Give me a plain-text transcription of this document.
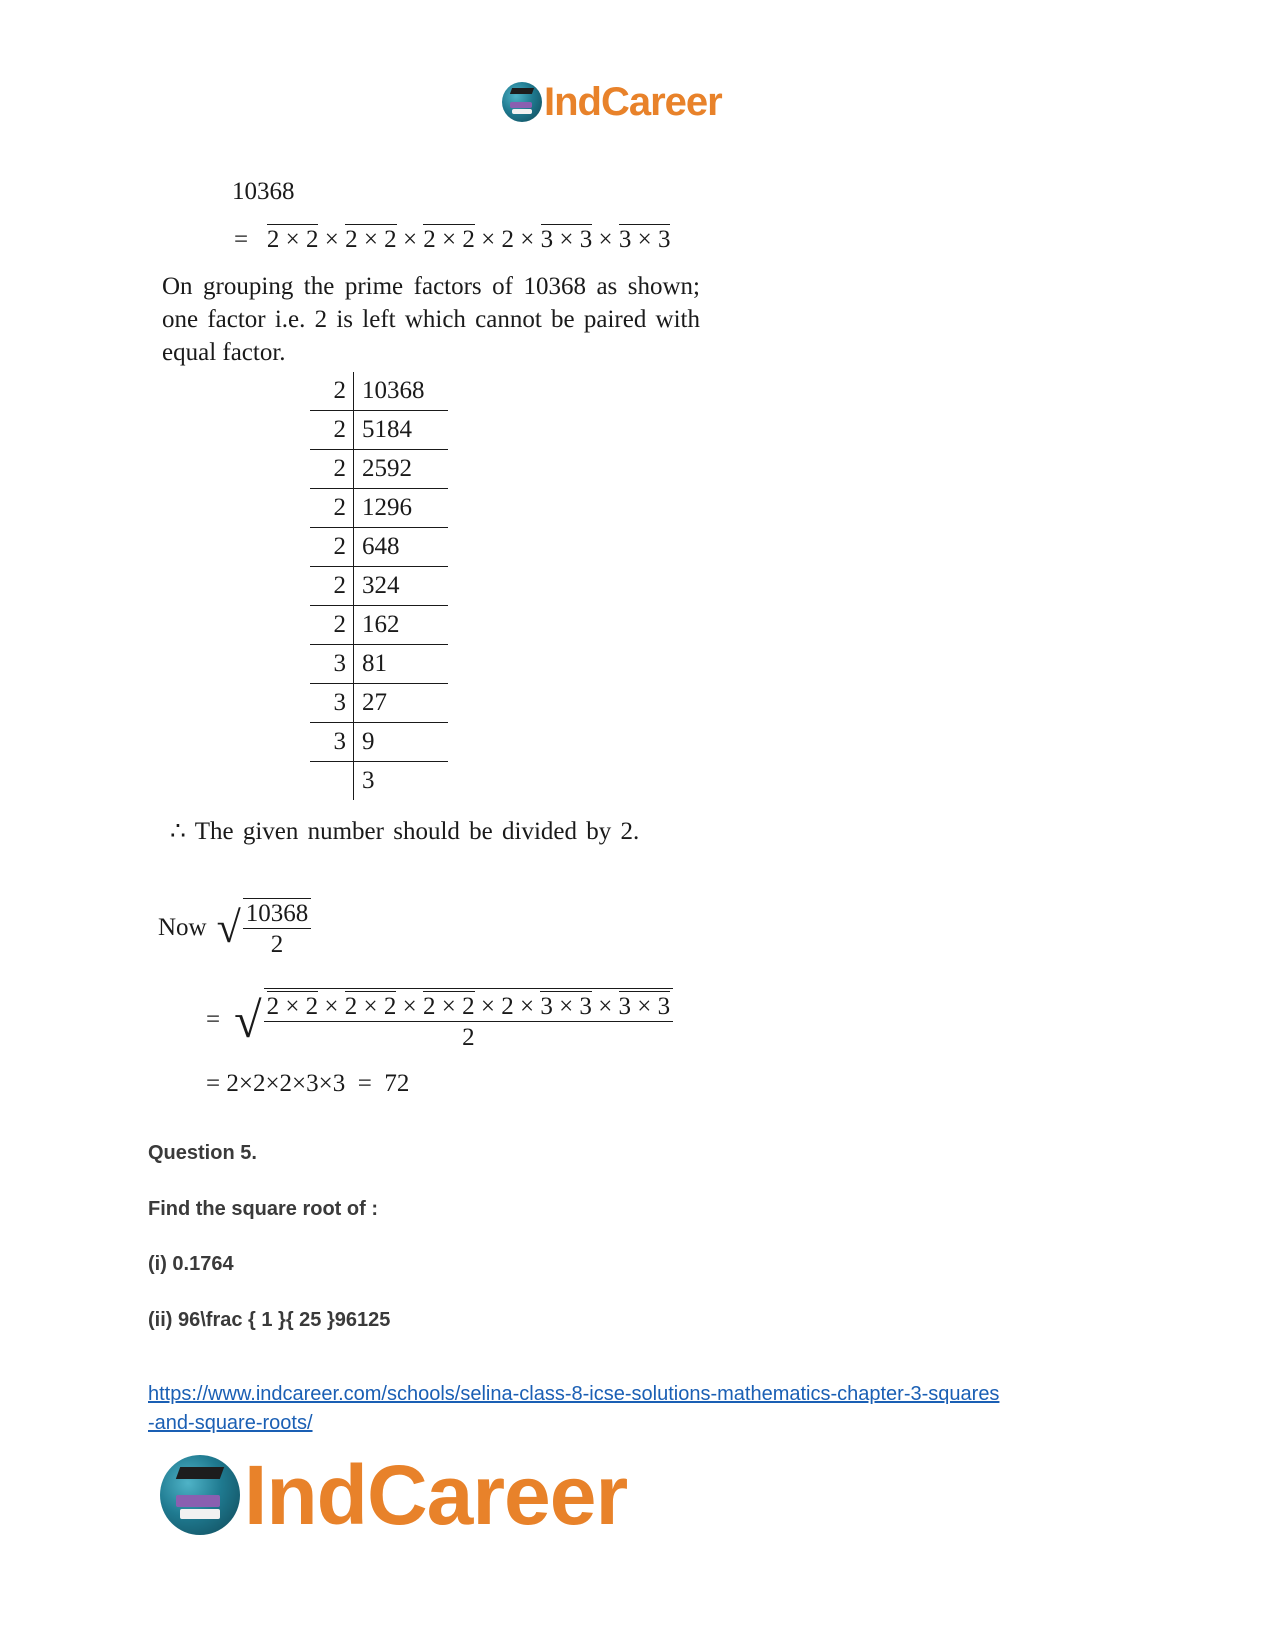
IndCareer
10368
= 2 × 2 × 2 × 2 × 2 × 2 × 2 × 3 × 3 × 3 × 3
On grouping the prime factors of 10368 as shown; one factor i.e. 2 is left which cannot be paired with equal factor.
2	10368
2	5184
2	2592
2	1296
2	648
2	324
2	162
3	81
3	27
3	9
	3
∴ The given number should be divided by 2.
Now √ $\frac{10368}{2}$
= √ 2 × 2 × 2 × 2 × 2 × 2 × 2 × 3 × 3 × 3 × 3
2
= 2×2×2×3×3  =  72
Question 5.
Find the square root of :
(i) 0.1764
(ii) 96\frac { 1 }{ 25 }96125
https://www.indcareer.com/schools/selina-class-8-icse-solutions-mathematics-chapter-3-squares
-and-square-roots/
IndCareer
